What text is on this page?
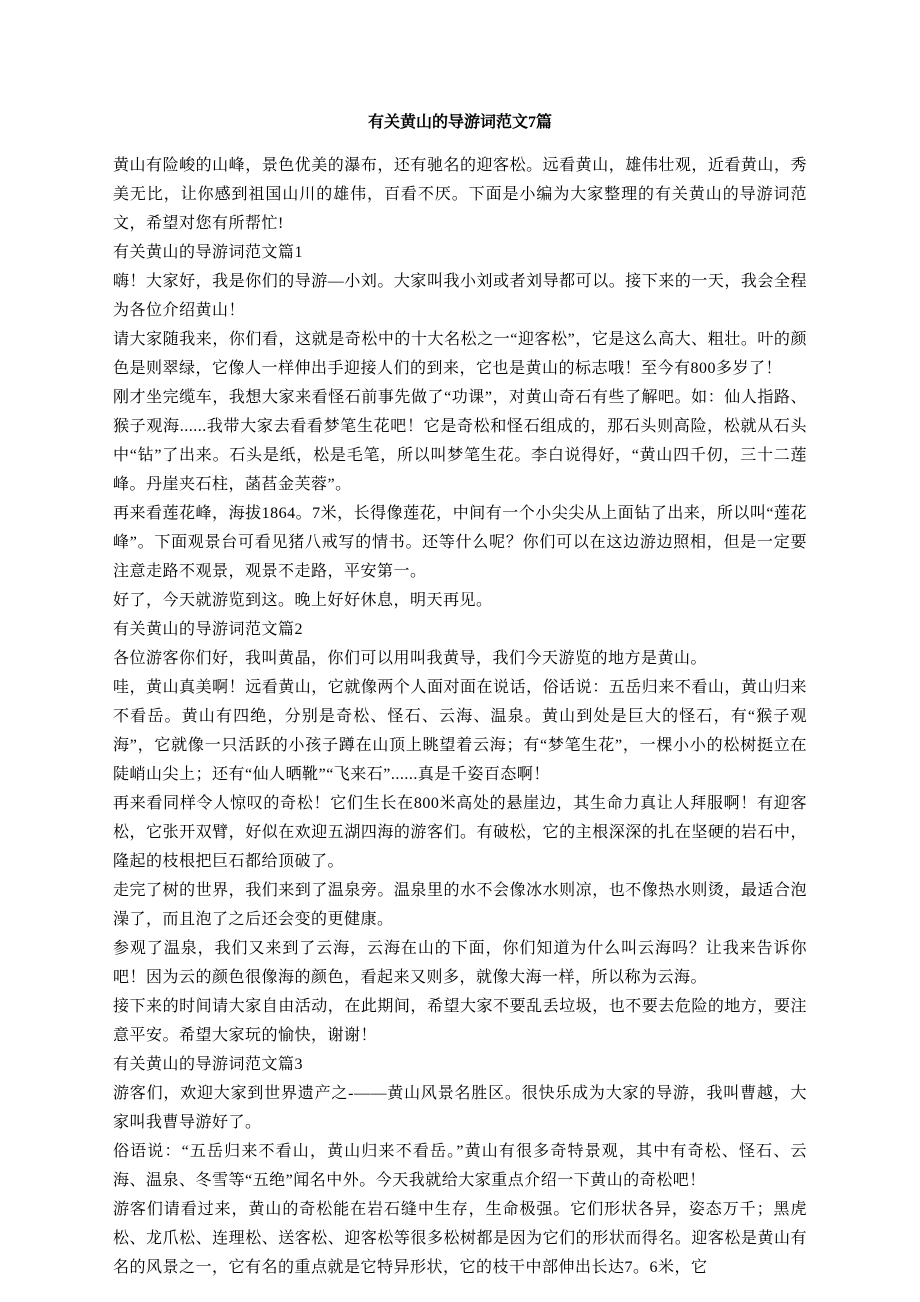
有关黄山的导游词范文7篇

黄山有险峻的山峰，景色优美的瀑布，还有驰名的迎客松。远看黄山，雄伟壮观，近看黄山，秀美无比，让你感到祖国山川的雄伟，百看不厌。下面是小编为大家整理的有关黄山的导游词范文，希望对您有所帮忙!

有关黄山的导游词范文篇1

嗨！大家好，我是你们的导游—小刘。大家叫我小刘或者刘导都可以。接下来的一天，我会全程为各位介绍黄山！

请大家随我来，你们看，这就是奇松中的十大名松之一“迎客松”，它是这么高大、粗壮。叶的颜色是则翠绿，它像人一样伸出手迎接人们的到来，它也是黄山的标志哦！至今有800多岁了！

刚才坐完缆车，我想大家来看怪石前事先做了“功课”，对黄山奇石有些了解吧。如：仙人指路、猴子观海......我带大家去看看梦笔生花吧！它是奇松和怪石组成的，那石头则高险，松就从石头中“钻”了出来。石头是纸，松是毛笔，所以叫梦笔生花。李白说得好，“黄山四千仞，三十二莲峰。丹崖夹石柱，菡萏金芙蓉”。

再来看莲花峰，海拔1864。7米，长得像莲花，中间有一个小尖尖从上面钻了出来，所以叫“莲花峰”。下面观景台可看见猪八戒写的情书。还等什么呢？你们可以在这边游边照相，但是一定要注意走路不观景，观景不走路，平安第一。

好了，今天就游览到这。晚上好好休息，明天再见。

有关黄山的导游词范文篇2

各位游客你们好，我叫黄晶，你们可以用叫我黄导，我们今天游览的地方是黄山。

哇，黄山真美啊！远看黄山，它就像两个人面对面在说话，俗话说：五岳归来不看山，黄山归来不看岳。黄山有四绝，分别是奇松、怪石、云海、温泉。黄山到处是巨大的怪石，有“猴子观海”，它就像一只活跃的小孩子蹲在山顶上眺望着云海；有“梦笔生花”，一棵小小的松树挺立在陡峭山尖上；还有“仙人晒靴”“飞来石”......真是千姿百态啊！

再来看同样令人惊叹的奇松！它们生长在800米高处的悬崖边，其生命力真让人拜服啊！有迎客松，它张开双臂，好似在欢迎五湖四海的游客们。有破松，它的主根深深的扎在坚硬的岩石中，隆起的枝根把巨石都给顶破了。

走完了树的世界，我们来到了温泉旁。温泉里的水不会像冰水则凉，也不像热水则烫，最适合泡澡了，而且泡了之后还会变的更健康。

参观了温泉，我们又来到了云海，云海在山的下面，你们知道为什么叫云海吗？让我来告诉你吧！因为云的颜色很像海的颜色，看起来又则多，就像大海一样，所以称为云海。

接下来的时间请大家自由活动，在此期间，希望大家不要乱丢垃圾，也不要去危险的地方，要注意平安。希望大家玩的愉快，谢谢！

有关黄山的导游词范文篇3

游客们，欢迎大家到世界遗产之-——黄山风景名胜区。很快乐成为大家的导游，我叫曹越，大家叫我曹导游好了。

俗语说：“五岳归来不看山，黄山归来不看岳。”黄山有很多奇特景观，其中有奇松、怪石、云海、温泉、冬雪等“五绝”闻名中外。今天我就给大家重点介绍一下黄山的奇松吧！

游客们请看过来，黄山的奇松能在岩石缝中生存，生命极强。它们形状各异，姿态万千；黑虎松、龙爪松、连理松、送客松、迎客松等很多松树都是因为它们的形状而得名。迎客松是黄山有名的风景之一，它有名的重点就是它特异形状，它的枝干中部伸出长达7。6米，它
